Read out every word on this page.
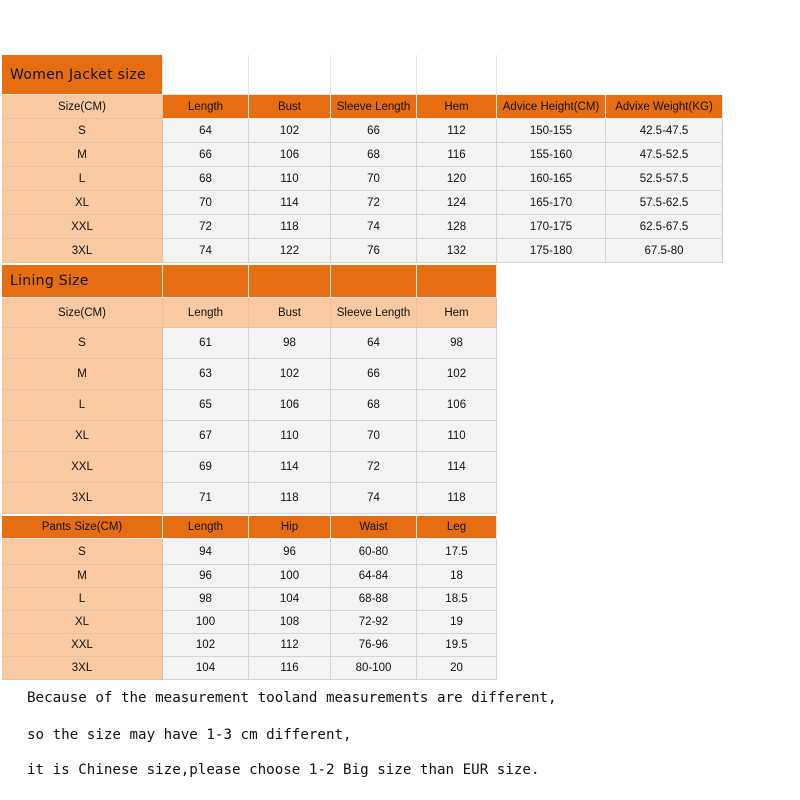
Women Jacket size
Size(CM)	Length	Bust	Sleeve Length	Hem	Advice Height(CM)	Advixe Weight(KG)
S	64	102	66	112	150-155	42.5-47.5
M	66	106	68	116	155-160	47.5-52.5
L	68	110	70	120	160-165	52.5-57.5
XL	70	114	72	124	165-170	57.5-62.5
XXL	72	118	74	128	170-175	62.5-67.5
3XL	74	122	76	132	175-180	67.5-80
Lining Size
Size(CM)	Length	Bust	Sleeve Length	Hem
S	61	98	64	98
M	63	102	66	102
L	65	106	68	106
XL	67	110	70	110
XXL	69	114	72	114
3XL	71	118	74	118
Pants Size(CM)	Length	Hip	Waist	Leg
S	94	96	60-80	17.5
M	96	100	64-84	18
L	98	104	68-88	18.5
XL	100	108	72-92	19
XXL	102	112	76-96	19.5
3XL	104	116	80-100	20
Because of the measurement tooland measurements are different,
so the size may have 1-3 cm different,
it is Chinese size,please choose 1-2 Big size than EUR size.
